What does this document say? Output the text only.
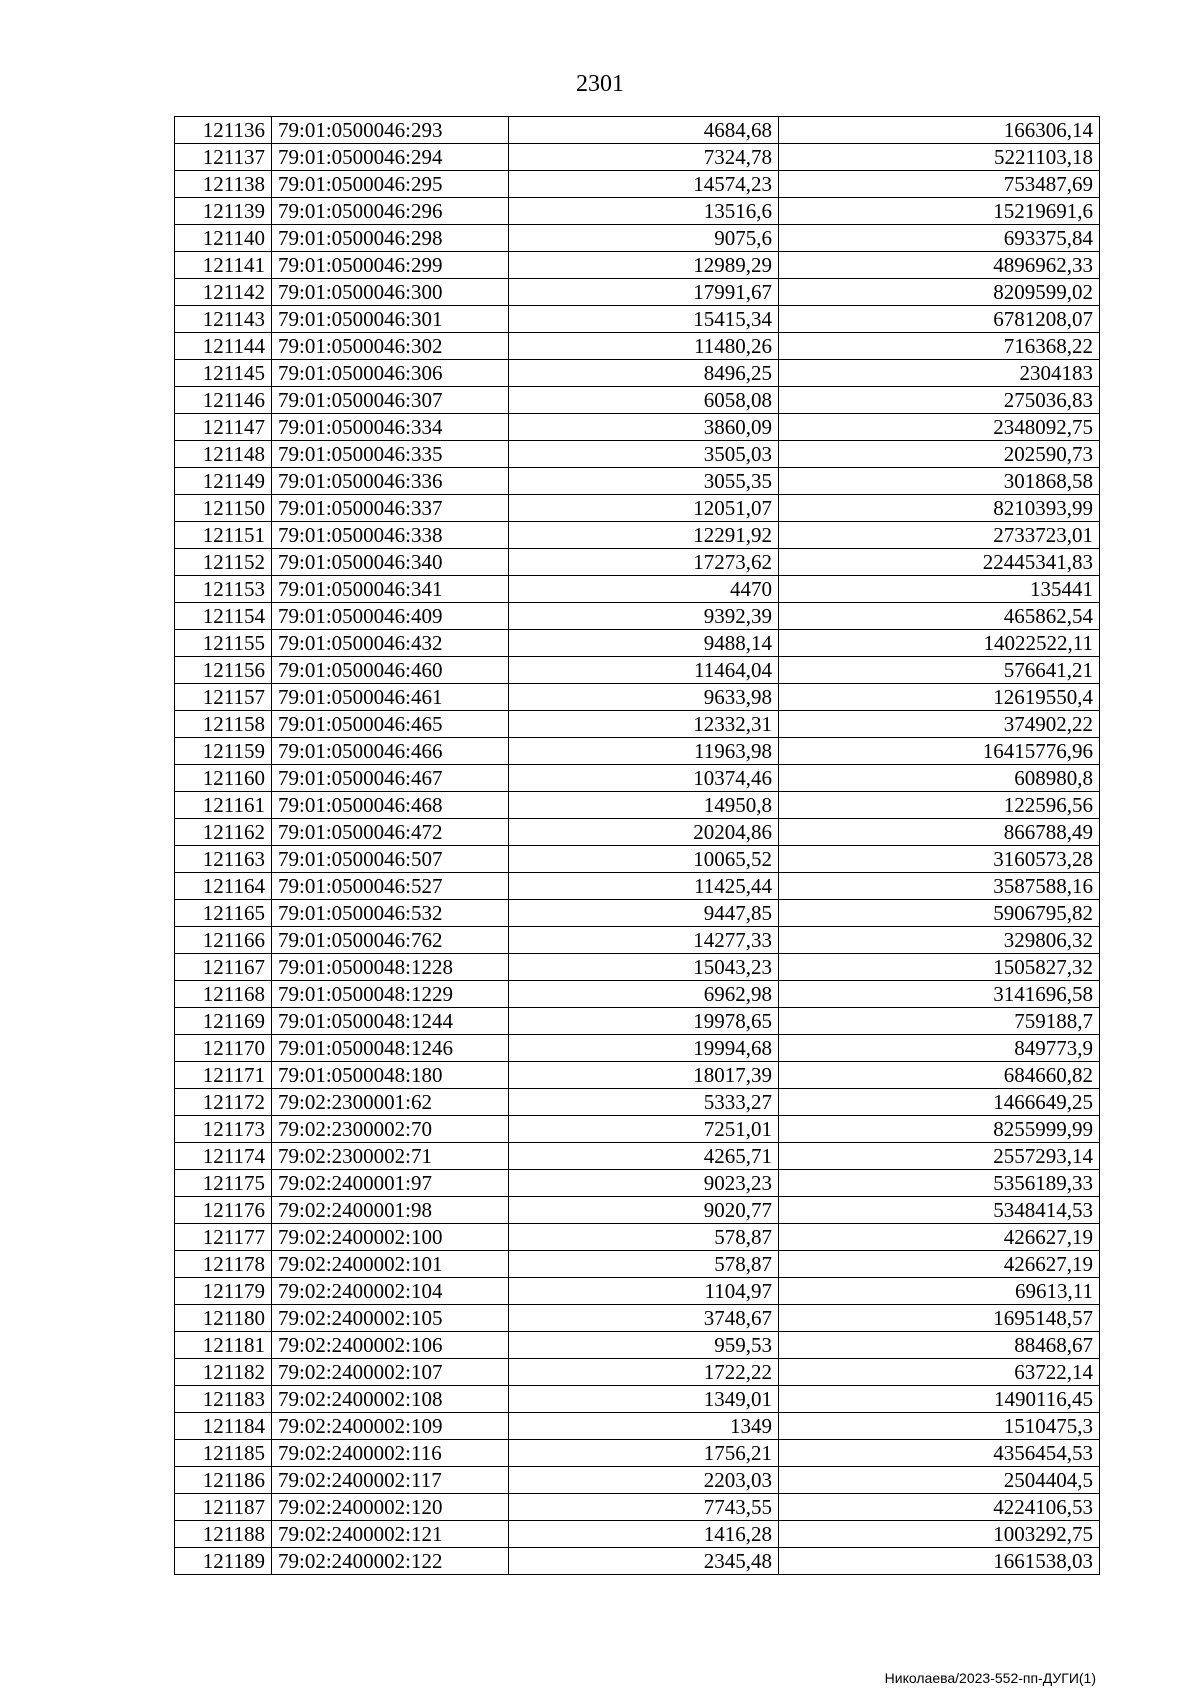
2301
121136	79:01:0500046:293	4684,68	166306,14
121137	79:01:0500046:294	7324,78	5221103,18
121138	79:01:0500046:295	14574,23	753487,69
121139	79:01:0500046:296	13516,6	15219691,6
121140	79:01:0500046:298	9075,6	693375,84
121141	79:01:0500046:299	12989,29	4896962,33
121142	79:01:0500046:300	17991,67	8209599,02
121143	79:01:0500046:301	15415,34	6781208,07
121144	79:01:0500046:302	11480,26	716368,22
121145	79:01:0500046:306	8496,25	2304183
121146	79:01:0500046:307	6058,08	275036,83
121147	79:01:0500046:334	3860,09	2348092,75
121148	79:01:0500046:335	3505,03	202590,73
121149	79:01:0500046:336	3055,35	301868,58
121150	79:01:0500046:337	12051,07	8210393,99
121151	79:01:0500046:338	12291,92	2733723,01
121152	79:01:0500046:340	17273,62	22445341,83
121153	79:01:0500046:341	4470	135441
121154	79:01:0500046:409	9392,39	465862,54
121155	79:01:0500046:432	9488,14	14022522,11
121156	79:01:0500046:460	11464,04	576641,21
121157	79:01:0500046:461	9633,98	12619550,4
121158	79:01:0500046:465	12332,31	374902,22
121159	79:01:0500046:466	11963,98	16415776,96
121160	79:01:0500046:467	10374,46	608980,8
121161	79:01:0500046:468	14950,8	122596,56
121162	79:01:0500046:472	20204,86	866788,49
121163	79:01:0500046:507	10065,52	3160573,28
121164	79:01:0500046:527	11425,44	3587588,16
121165	79:01:0500046:532	9447,85	5906795,82
121166	79:01:0500046:762	14277,33	329806,32
121167	79:01:0500048:1228	15043,23	1505827,32
121168	79:01:0500048:1229	6962,98	3141696,58
121169	79:01:0500048:1244	19978,65	759188,7
121170	79:01:0500048:1246	19994,68	849773,9
121171	79:01:0500048:180	18017,39	684660,82
121172	79:02:2300001:62	5333,27	1466649,25
121173	79:02:2300002:70	7251,01	8255999,99
121174	79:02:2300002:71	4265,71	2557293,14
121175	79:02:2400001:97	9023,23	5356189,33
121176	79:02:2400001:98	9020,77	5348414,53
121177	79:02:2400002:100	578,87	426627,19
121178	79:02:2400002:101	578,87	426627,19
121179	79:02:2400002:104	1104,97	69613,11
121180	79:02:2400002:105	3748,67	1695148,57
121181	79:02:2400002:106	959,53	88468,67
121182	79:02:2400002:107	1722,22	63722,14
121183	79:02:2400002:108	1349,01	1490116,45
121184	79:02:2400002:109	1349	1510475,3
121185	79:02:2400002:116	1756,21	4356454,53
121186	79:02:2400002:117	2203,03	2504404,5
121187	79:02:2400002:120	7743,55	4224106,53
121188	79:02:2400002:121	1416,28	1003292,75
121189	79:02:2400002:122	2345,48	1661538,03
Николаева/2023-552-пп-ДУГИ(1)
